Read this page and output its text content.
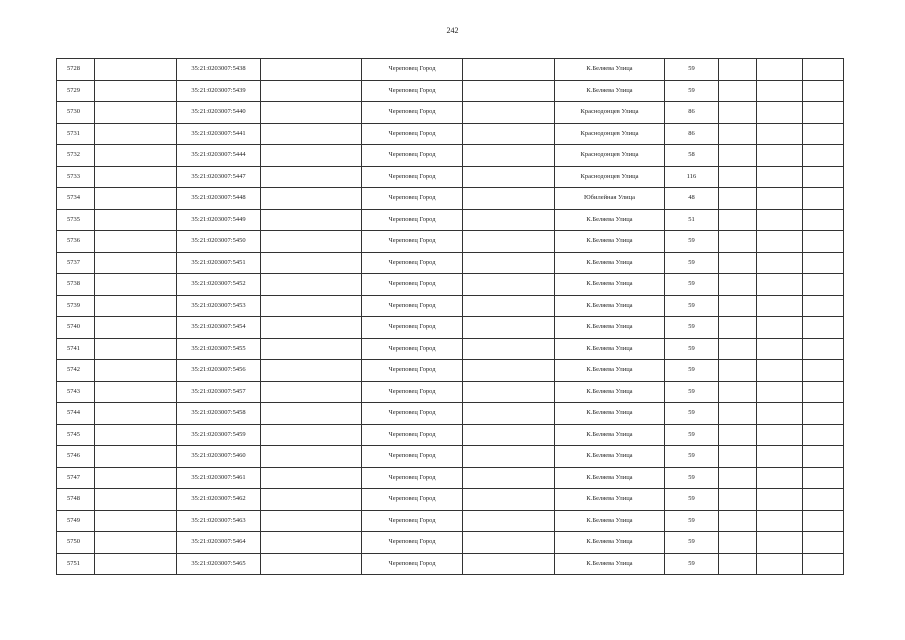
242
5728		35:21:0203007:5438		Череповец Город		К.Беляева Улица	59			
5729		35:21:0203007:5439		Череповец Город		К.Беляева Улица	59			
5730		35:21:0203007:5440		Череповец Город		Краснодонцев Улица	86			
5731		35:21:0203007:5441		Череповец Город		Краснодонцев Улица	86			
5732		35:21:0203007:5444		Череповец Город		Краснодонцев Улица	58			
5733		35:21:0203007:5447		Череповец Город		Краснодонцев Улица	116			
5734		35:21:0203007:5448		Череповец Город		Юбилейная Улица	48			
5735		35:21:0203007:5449		Череповец Город		К.Беляева Улица	51			
5736		35:21:0203007:5450		Череповец Город		К.Беляева Улица	59			
5737		35:21:0203007:5451		Череповец Город		К.Беляева Улица	59			
5738		35:21:0203007:5452		Череповец Город		К.Беляева Улица	59			
5739		35:21:0203007:5453		Череповец Город		К.Беляева Улица	59			
5740		35:21:0203007:5454		Череповец Город		К.Беляева Улица	59			
5741		35:21:0203007:5455		Череповец Город		К.Беляева Улица	59			
5742		35:21:0203007:5456		Череповец Город		К.Беляева Улица	59			
5743		35:21:0203007:5457		Череповец Город		К.Беляева Улица	59			
5744		35:21:0203007:5458		Череповец Город		К.Беляева Улица	59			
5745		35:21:0203007:5459		Череповец Город		К.Беляева Улица	59			
5746		35:21:0203007:5460		Череповец Город		К.Беляева Улица	59			
5747		35:21:0203007:5461		Череповец Город		К.Беляева Улица	59			
5748		35:21:0203007:5462		Череповец Город		К.Беляева Улица	59			
5749		35:21:0203007:5463		Череповец Город		К.Беляева Улица	59			
5750		35:21:0203007:5464		Череповец Город		К.Беляева Улица	59			
5751		35:21:0203007:5465		Череповец Город		К.Беляева Улица	59			
